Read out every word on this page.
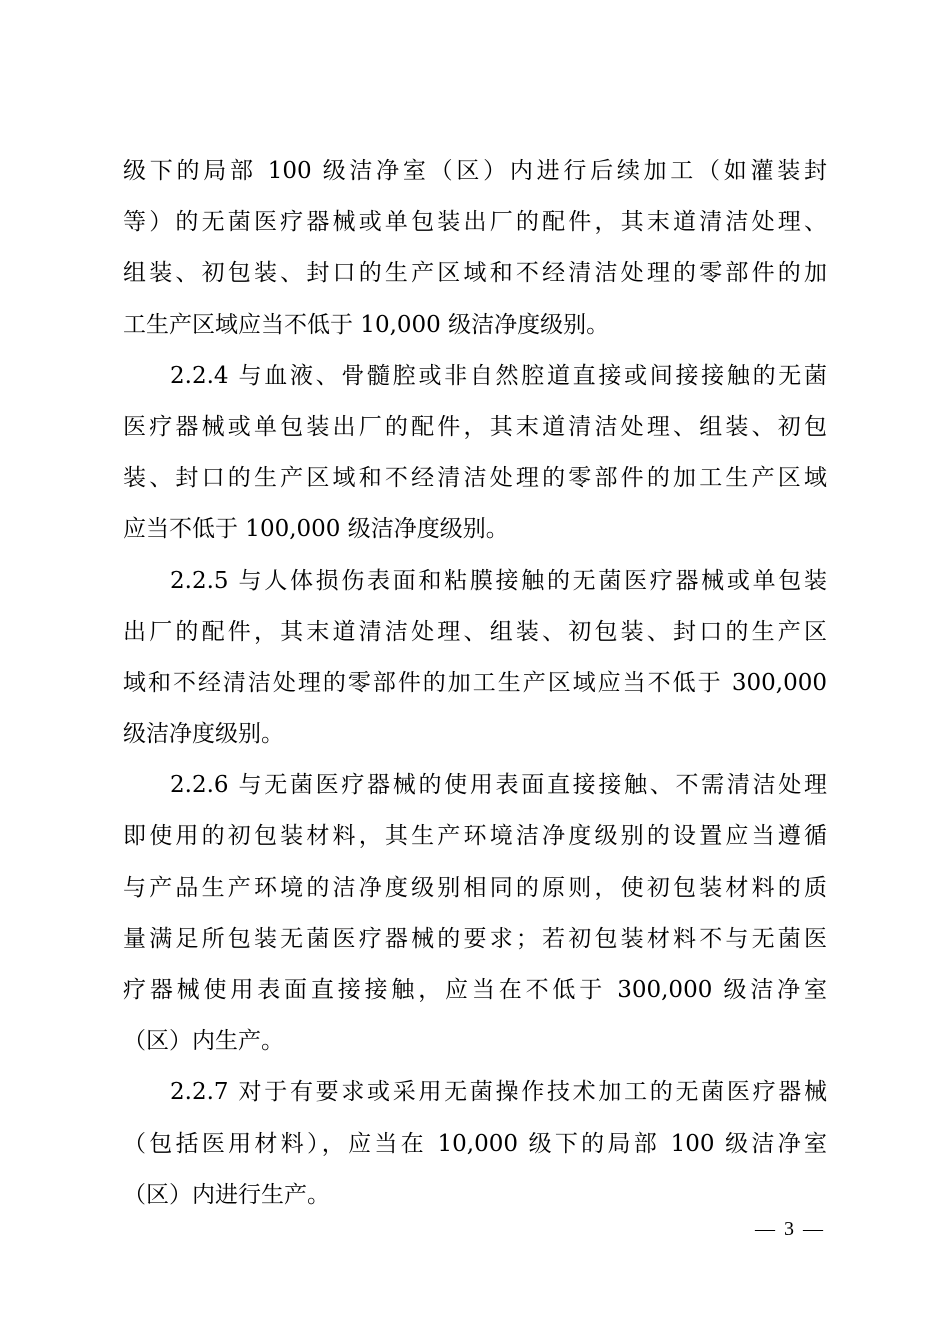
级下的局部 100 级洁净室（区）内进行后续加工（如灌装封
等）的无菌医疗器械或单包装出厂的配件，其末道清洁处理、
组装、初包装、封口的生产区域和不经清洁处理的零部件的加
工生产区域应当不低于 10,000 级洁净度级别。
2.2.4 与血液、骨髓腔或非自然腔道直接或间接接触的无菌
医疗器械或单包装出厂的配件，其末道清洁处理、组装、初包
装、封口的生产区域和不经清洁处理的零部件的加工生产区域
应当不低于 100,000 级洁净度级别。
2.2.5 与人体损伤表面和粘膜接触的无菌医疗器械或单包装
出厂的配件，其末道清洁处理、组装、初包装、封口的生产区
域和不经清洁处理的零部件的加工生产区域应当不低于 300,000
级洁净度级别。
2.2.6 与无菌医疗器械的使用表面直接接触、不需清洁处理
即使用的初包装材料，其生产环境洁净度级别的设置应当遵循
与产品生产环境的洁净度级别相同的原则，使初包装材料的质
量满足所包装无菌医疗器械的要求；若初包装材料不与无菌医
疗器械使用表面直接接触，应当在不低于 300,000 级洁净室
（区）内生产。
2.2.7 对于有要求或采用无菌操作技术加工的无菌医疗器械
（包括医用材料），应当在 10,000 级下的局部 100 级洁净室
（区）内进行生产。
— 3 —
